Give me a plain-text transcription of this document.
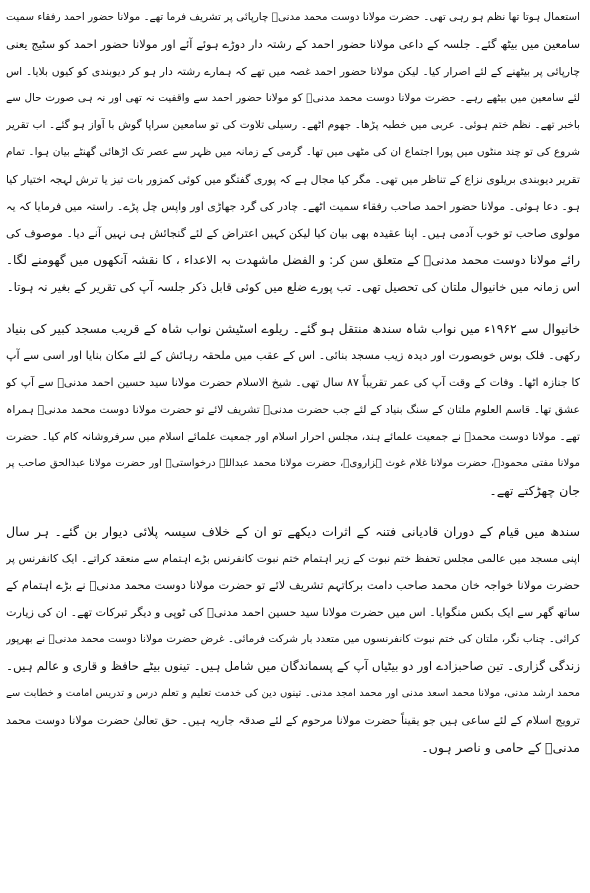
استعمال ہوتا تھا نظم ہو رہی تھی۔ حضرت مولانا دوست محمد مدنیؒ چارپائی پر تشریف فرما تھے۔ مولانا حضور احمد رفقاء سمیت
سامعین میں بیٹھ گئے۔ جلسہ کے داعی مولانا حضور احمد کے رشتہ دار دوڑے ہوئے آئے اور مولانا حضور احمد کو سٹیج یعنی
چارپائی پر بیٹھنے کے لئے اصرار کیا۔ لیکن مولانا حضور احمد غصہ میں تھے کہ ہمارے رشتہ دار ہو کر دیوبندی کو کیوں بلایا۔ اس
لئے سامعین میں بیٹھے رہے۔ حضرت مولانا دوست محمد مدنیؒ کو مولانا حضور احمد سے واقفیت نہ تھی اور نہ ہی صورت حال سے
باخبر تھے۔ نظم ختم ہوئی۔ عربی میں خطبہ پڑھا۔ جھوم اٹھے۔ رسیلی تلاوت کی تو سامعین سراپا گوش با آواز ہو گئے۔ اب تقریر
شروع کی تو چند منٹوں میں پورا اجتماع ان کی مٹھی میں تھا۔ گرمی کے زمانہ میں ظہر سے عصر تک اڑھائی گھنٹے بیان ہوا۔ تمام
تقریر دیوبندی بریلوی نزاع کے تناظر میں تھی۔ مگر کیا مجال ہے کہ پوری گفتگو میں کوئی کمزور بات تیز یا ترش لہجہ اختیار کیا
ہو۔ دعا ہوئی۔ مولانا حضور احمد صاحب رفقاء سمیت اٹھے۔ چادر کی گرد جھاڑی اور واپس چل پڑے۔ راستہ میں فرمایا کہ یہ
مولوی صاحب تو خوب آدمی ہیں۔ اپنا عقیدہ بھی بیان کیا لیکن کہیں اعتراض کے لئے گنجائش ہی نہیں آنے دیا۔ موصوف کی
رائے مولانا دوست محمد مدنیؒ کے متعلق سن کر: و الفضل ماشھدت بہ الاعداء ، کا نقشہ آنکھوں میں گھومنے لگا۔
اس زمانہ میں خانیوال ملتان کی تحصیل تھی۔ تب پورے ضلع میں کوئی قابل ذکر جلسہ آپ کی تقریر کے بغیر نہ ہوتا۔
خانیوال سے ۱۹۶۲ء میں نواب شاہ سندھ منتقل ہو گئے۔ ریلوے اسٹیشن نواب شاہ کے قریب مسجد کبیر کی بنیاد
رکھی۔ فلک بوس خوبصورت اور دیدہ زیب مسجد بنائی۔ اس کے عقب میں ملحقہ رہائش کے لئے مکان بنایا اور اسی سے آپ
کا جنازہ اٹھا۔ وفات کے وقت آپ کی عمر تقریباً ۸۷ سال تھی۔ شیخ الاسلام حضرت مولانا سید حسین احمد مدنیؒ سے آپ کو
عشق تھا۔ قاسم العلوم ملتان کے سنگ بنیاد کے لئے جب حضرت مدنیؒ تشریف لائے تو حضرت مولانا دوست محمد مدنیؒ ہمراہ
تھے۔ مولانا دوست محمدؒ نے جمعیت علمائے ہند، مجلس احرار اسلام اور جمعیت علمائے اسلام میں سرفروشانہ کام کیا۔ حضرت
مولانا مفتی محمودؒ، حضرت مولانا غلام غوث ہزارویؒ، حضرت مولانا محمد عبداللہ درخواستیؒ اور حضرت مولانا عبدالحق صاحب پر
جان چھڑکتے تھے۔
سندھ میں قیام کے دوران قادیانی فتنہ کے اثرات دیکھے تو ان کے خلاف سیسہ پلائی دیوار بن گئے۔ ہر سال
اپنی مسجد میں عالمی مجلس تحفظ ختم نبوت کے زیر اہتمام ختم نبوت کانفرنس بڑے اہتمام سے منعقد کراتے۔ ایک کانفرنس پر
حضرت مولانا خواجہ خان محمد صاحب دامت برکاتہم تشریف لائے تو حضرت مولانا دوست محمد مدنیؒ نے بڑے اہتمام کے
ساتھ گھر سے ایک بکس منگوایا۔ اس میں حضرت مولانا سید حسین احمد مدنیؒ کی ٹوپی و دیگر تبرکات تھے۔ ان کی زیارت
کرائی۔ چناب نگر، ملتان کی ختم نبوت کانفرنسوں میں متعدد بار شرکت فرمائی۔ غرض حضرت مولانا دوست محمد مدنیؒ نے بھرپور
زندگی گزاری۔ تین صاحبزادے اور دو بیٹیاں آپ کے پسماندگان میں شامل ہیں۔ تینوں بیٹے حافظ و قاری و عالم ہیں۔
محمد ارشد مدنی، مولانا محمد اسعد مدنی اور محمد امجد مدنی۔ تینوں دین کی خدمت تعلیم و تعلم درس و تدریس امامت و خطابت سے
ترویج اسلام کے لئے ساعی ہیں جو یقیناً حضرت مولانا مرحوم کے لئے صدقہ جاریہ ہیں۔ حق تعالیٰ حضرت مولانا دوست محمد
مدنیؒ کے حامی و ناصر ہوں۔
